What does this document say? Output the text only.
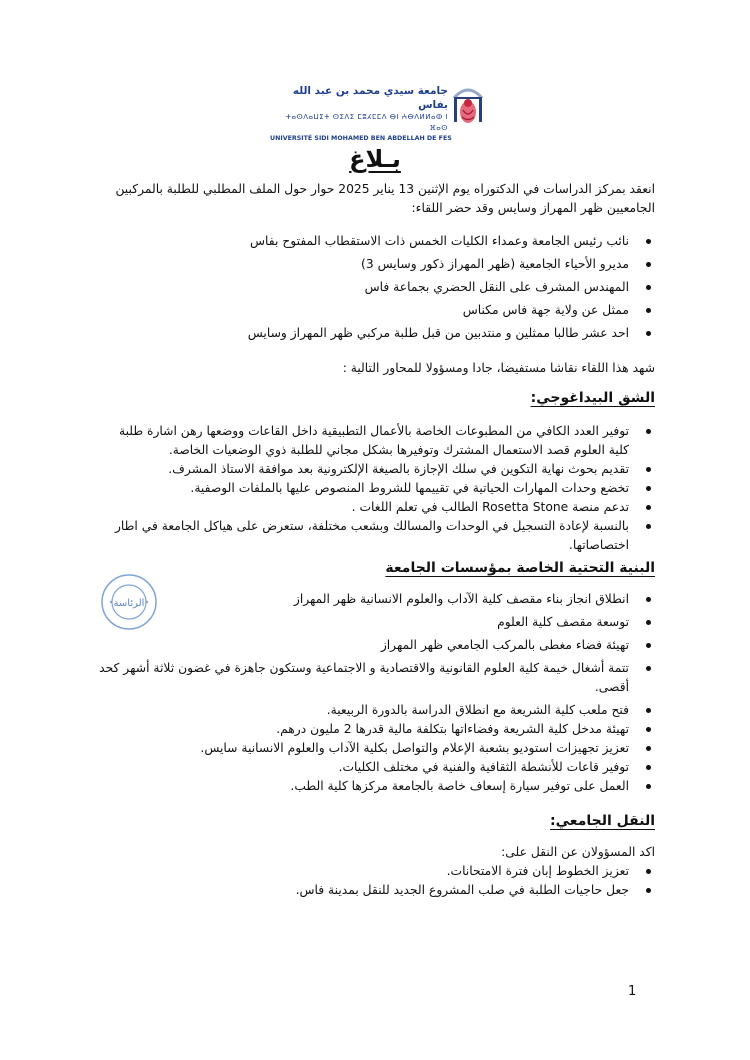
جامعة سيدي محمد بن عبد الله بفاس
ⵜⴰⵙⴷⴰⵡⵉⵜ ⵙⵉⴷⵉ ⵎⵓⵃⵎⵎⴷ ⴱⵏ ⵄⴱⴷⵍⵍⴰⵀ ⵏ ⴼⴰⵙ
UNIVERSITÉ SIDI MOHAMED BEN ABDELLAH DE FES
بـلاغ

انعقد بمركز الدراسات في الدكتوراه يوم الإثنين 13 يناير 2025 حوار حول الملف المطلبي للطلبة بالمركبين الجامعيين ظهر المهراز وسايس وقد حضر اللقاء:

نائب رئيس الجامعة وعمداء الكليات الخمس ذات الاستقطاب المفتوح بفاس
مديرو الأحياء الجامعية (ظهر المهراز ذكور وسايس 3)
المهندس المشرف على النقل الحضري بجماعة فاس
ممثل عن ولاية جهة فاس مكناس
احد عشر طالبا ممثلين و منتدبين من قبل طلبة مركبي ظهر المهراز وسايس

شهد هذا اللقاء نقاشا مستفيضا، جادا ومسؤولا للمحاور التالية :

الشق البيداغوجي:

توفير العدد الكافي من المطبوعات الخاصة بالأعمال التطبيقية داخل القاعات ووضعها رهن اشارة طلبة كلية العلوم قصد الاستعمال المشترك وتوفيرها بشكل مجاني للطلبة ذوي الوضعيات الخاصة.
تقديم بحوث نهاية التكوين في سلك الإجازة بالصيغة الإلكترونية بعد موافقة الاستاذ المشرف.
تخضع وحدات المهارات الحياتية في تقييمها للشروط المنصوص عليها بالملفات الوصفية.
تدعم منصة Rosetta Stone الطالب في تعلم اللغات .
بالنسبة لإعادة التسجيل في الوحدات والمسالك وبشعب مختلفة، ستعرض على هياكل الجامعة في اطار اختصاصاتها.

البنية التحتية الخاصة بمؤسسات الجامعة

انطلاق انجاز بناء مقصف كلية الآداب والعلوم الانسانية ظهر المهراز
توسعة مقصف كلية العلوم
تهيئة فضاء مغطى بالمركب الجامعي ظهر المهراز
تتمة أشغال خيمة كلية العلوم القانونية والاقتصادية و الاجتماعية وستكون جاهزة في غضون ثلاثة أشهر كحد أقصى.
فتح ملعب كلية الشريعة مع انطلاق الدراسة بالدورة الربيعية.
تهيئة مدخل كلية الشريعة وفضاءاتها بتكلفة مالية قدرها 2 مليون درهم.
تعزيز تجهيزات استوديو بشعبة الإعلام والتواصل بكلية الآداب والعلوم الانسانية سايس.
توفير قاعات للأنشطة الثقافية والفنية في مختلف الكليات.
العمل على توفير سيارة إسعاف خاصة بالجامعة مركزها كلية الطب.

النقل الجامعي:

اكد المسؤولان عن النقل على:

تعزيز الخطوط إبان فترة الامتحانات.
جعل حاجيات الطلبة في صلب المشروع الجديد للنقل بمدينة فاس.
الرئاسة
1
